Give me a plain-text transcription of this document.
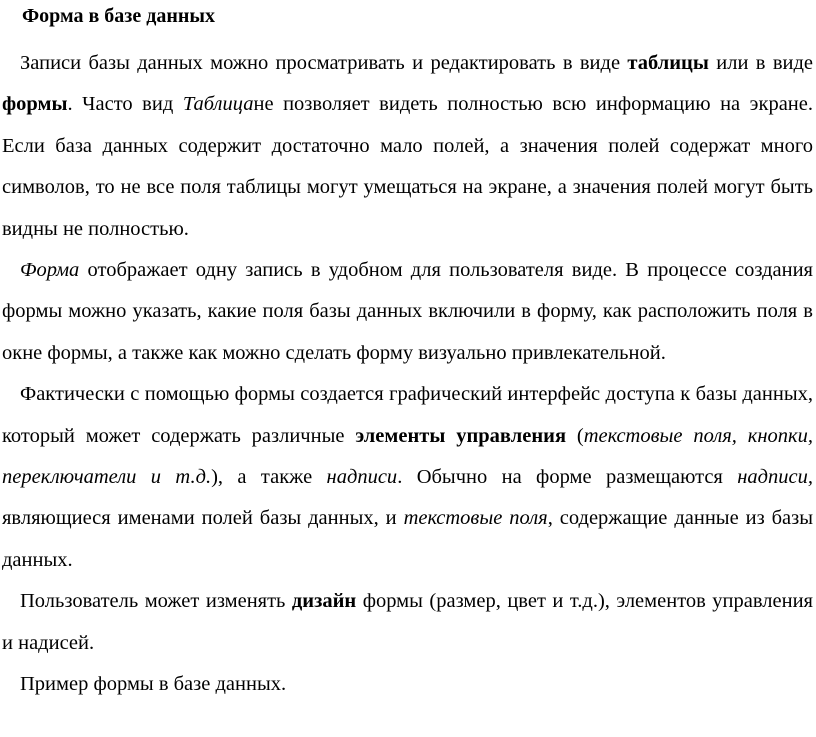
Форма в базе данных

Записи базы данных можно просматривать и редактировать в виде таблицы или в виде формы. Часто вид Таблицане позволяет видеть полностью всю информацию на экране. Если база данных содержит достаточно мало полей, а значения полей содержат много символов, то не все поля таблицы могут умещаться на экране, а значения полей могут быть видны не полностью.

Форма отображает одну запись в удобном для пользователя виде. В процессе создания формы можно указать, какие поля базы данных включили в форму, как расположить поля в окне формы, а также как можно сделать форму визуально привлекательной.

Фактически с помощью формы создается графический интерфейс доступа к базы данных, который может содержать различные элементы управления (текстовые поля, кнопки, переключатели и т.д.), а также надписи. Обычно на форме размещаются надписи, являющиеся именами полей базы данных, и текстовые поля, содержащие данные из базы данных.

Пользователь может изменять дизайн формы (размер, цвет и т.д.), элементов управления и надисей.

Пример формы в базе данных.
